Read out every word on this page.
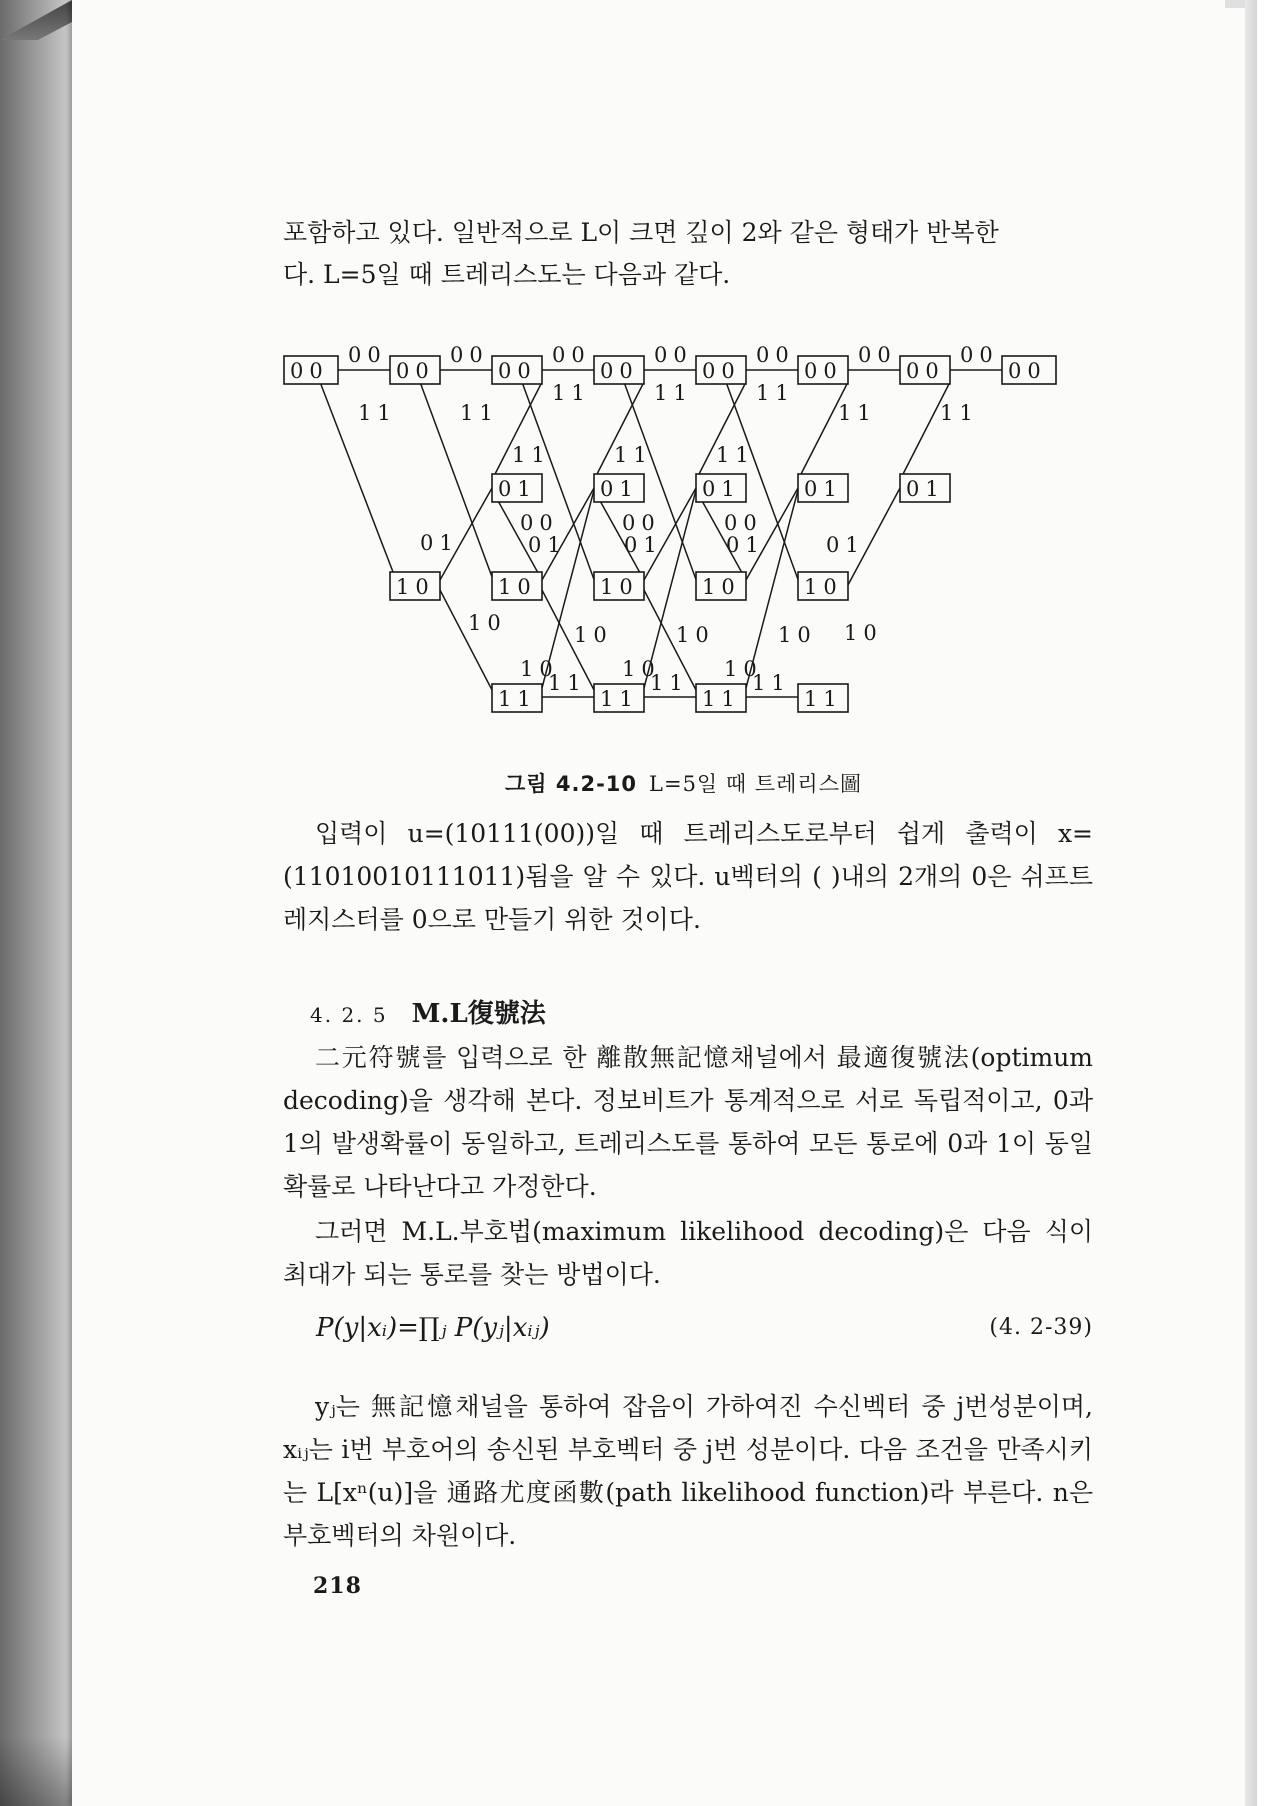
포함하고 있다. 일반적으로 L이 크면 깊이 2와 같은 형태가 반복한

다. L=5일 때 트레리스도는 다음과 같다.

00	00	00	00	00	00	00	00
01	01	01	01	01
10	10	10	10	10
11	11	11	11
00	00	00	00	00	00	00
11	11
11	11	11
11	11
11	11	11
00	00	00
01	01	01	01	01
10	10	10	10 10
10	10	10
11	11	11
그림 4.2-10 L=5일 때 트레리스圖

입력이 u=(10111(00))일 때 트레리스도로부터 쉽게 출력이 x=(11010010111011)됨을 알 수 있다. u벡터의 ( )내의 2개의 0은 쉬프트 레지스터를 0으로 만들기 위한 것이다.

4. 2. 5 M.L復號法

二元符號를 입력으로 한 離散無記憶채널에서 最適復號法(optimum decoding)을 생각해 본다. 정보비트가 통계적으로 서로 독립적이고, 0과 1의 발생확률이 동일하고, 트레리스도를 통하여 모든 통로에 0과 1이 동일확률로 나타난다고 가정한다.

그러면 M.L.부호법(maximum likelihood decoding)은 다음 식이 최대가 되는 통로를 찾는 방법이다.

P(y|xᵢ)=∏ⱼ P(yⱼ|xᵢⱼ)	(4. 2-39)

yⱼ는 無記憶채널을 통하여 잡음이 가하여진 수신벡터 중 j번성분이며, xᵢⱼ는 i번 부호어의 송신된 부호벡터 중 j번 성분이다. 다음 조건을 만족시키는 L[xⁿ(u)]을 通路尤度函數(path likelihood function)라 부른다. n은 부호벡터의 차원이다.

218
